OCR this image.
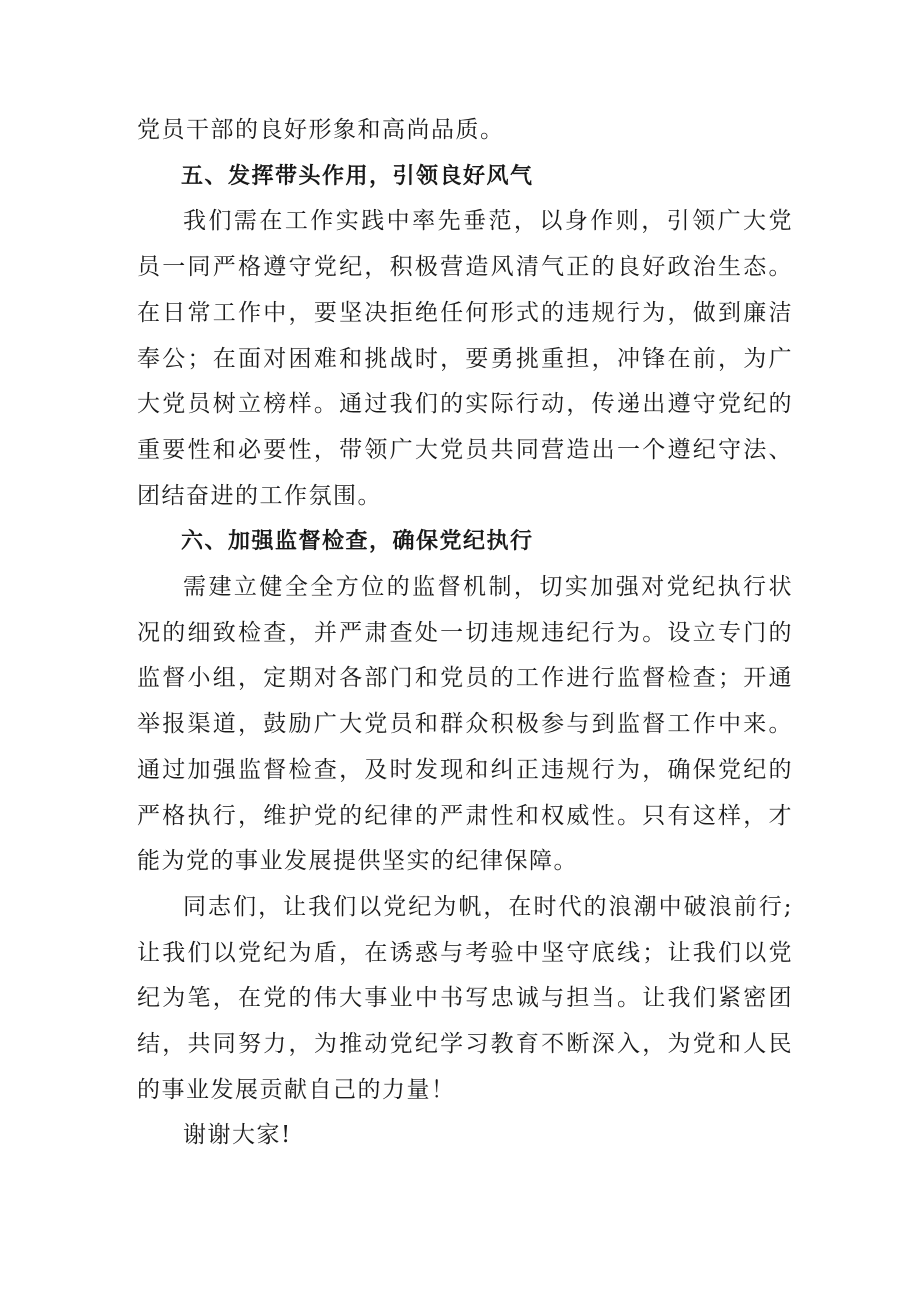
党员干部的良好形象和高尚品质。

五、发挥带头作用，引领良好风气

我们需在工作实践中率先垂范，以身作则，引领广大党员一同严格遵守党纪，积极营造风清气正的良好政治生态。在日常工作中，要坚决拒绝任何形式的违规行为，做到廉洁奉公；在面对困难和挑战时，要勇挑重担，冲锋在前，为广大党员树立榜样。通过我们的实际行动，传递出遵守党纪的重要性和必要性，带领广大党员共同营造出一个遵纪守法、团结奋进的工作氛围。

六、加强监督检查，确保党纪执行

需建立健全全方位的监督机制，切实加强对党纪执行状况的细致检查，并严肃查处一切违规违纪行为。设立专门的监督小组，定期对各部门和党员的工作进行监督检查；开通举报渠道，鼓励广大党员和群众积极参与到监督工作中来。通过加强监督检查，及时发现和纠正违规行为，确保党纪的严格执行，维护党的纪律的严肃性和权威性。只有这样，才能为党的事业发展提供坚实的纪律保障。

同志们，让我们以党纪为帆，在时代的浪潮中破浪前行;让我们以党纪为盾，在诱惑与考验中坚守底线；让我们以党纪为笔，在党的伟大事业中书写忠诚与担当。让我们紧密团结，共同努力，为推动党纪学习教育不断深入，为党和人民的事业发展贡献自己的力量！

谢谢大家!
